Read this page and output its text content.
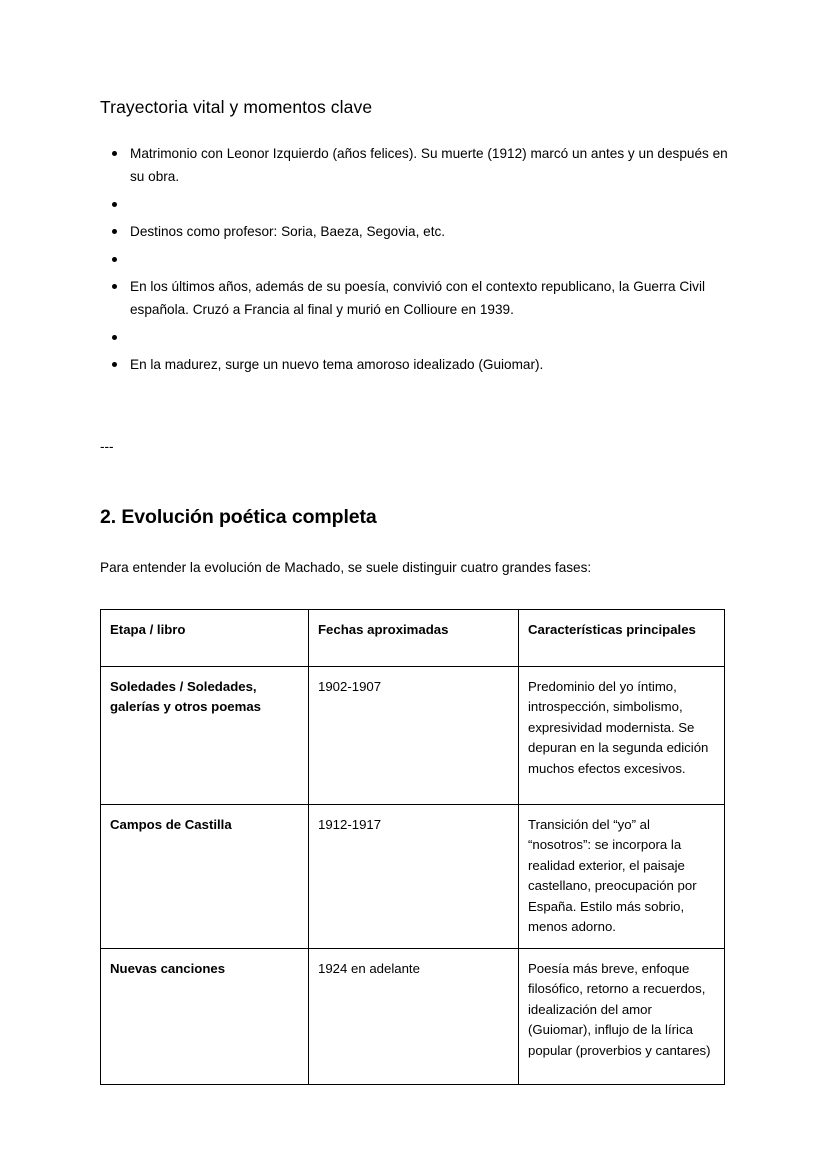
Trayectoria vital y momentos clave
Matrimonio con Leonor Izquierdo (años felices). Su muerte (1912) marcó un antes y un después en su obra.
Destinos como profesor: Soria, Baeza, Segovia, etc.
En los últimos años, además de su poesía, convivió con el contexto republicano, la Guerra Civil española. Cruzó a Francia al final y murió en Collioure en 1939.
En la madurez, surge un nuevo tema amoroso idealizado (Guiomar).
---
2. Evolución poética completa

Para entender la evolución de Machado, se suele distinguir cuatro grandes fases:

Etapa / libro	Fechas aproximadas	Características principales
Soledades / Soledades, galerías y otros poemas	1902-1907	Predominio del yo íntimo, introspección, simbolismo, expresividad modernista. Se depuran en la segunda edición muchos efectos excesivos.
Campos de Castilla	1912-1917	Transición del “yo” al “nosotros”: se incorpora la realidad exterior, el paisaje castellano, preocupación por España. Estilo más sobrio, menos adorno.
Nuevas canciones	1924 en adelante	Poesía más breve, enfoque filosófico, retorno a recuerdos, idealización del amor (Guiomar), influjo de la lírica popular (proverbios y cantares)
